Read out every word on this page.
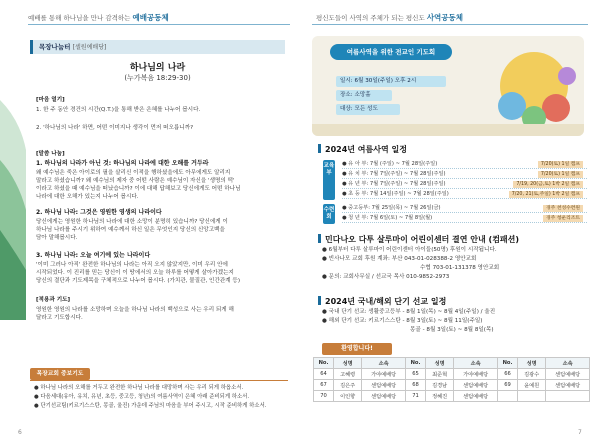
예배를 통해 하나님을 만나 감격하는 예배공동체
목장나눔터 [셀원예배당]
하나님의 나라
(누가복음 18:29-30)
[마음 열기]
1. 한 주 동안 경건의 시간(Q.T.)을 통해 받은 은혜를 나누어 봅시다.
2. '하나님의 나라' 하면, 어떤 이미지나 생각이 먼저 떠오릅니까?
[말씀 나눔]
1. 하나님의 나라가 아닌 것: 하나님의 나라에 대한 오해를 거두라
왜 예수님은 죽은 아이로의 필을 살리신 이적을 행하셨을에도 아무에게도 알리지
말라고 하셨습니까? 왜 예수님의 제자 중 어떤 사람은 예수님이 자신을 '생명의 떡'
이라고 하셨을 때 예수님을 떠났습니까? 이에 대해 답해보고 당신에게도 어떤 하나님
나라에 대한 오해가 있는지 나누어 봅시다.
2. 하나님 나라: 그것은 영원한 영생의 나라이다
당신에게는 영원한 하나님의 나라에 대한 소망이 분명히 있습니까? 당신에게 이
하나님 나라를 주시기 위하여 예수께서 하신 일은 무엇인지 당신의 신앙고백을
담아 말해봅시다.
3. 하나님 나라: 오늘 여기에 있는 나라이다
'이미 그러나 아직' 완전한 하나님의 나라는 아직 오지 않았지만, 이미 우리 안에
시작되었다. 이 진리를 믿는 당신이 이 땅에서의 오늘 하루를 어떻게 살아가겠는지
당신의 결단과 기도제목을 구체적으로 나누어 봅시다. (가치관, 물질관, 인간관계 등)
[적용과 기도]
영원한 영원의 나라를 소망하며 오늘을 하나님 나라의 백성으로 사는 우리 되게 해
달라고 기도합시다.
목장교회 중보기도
● 하나님 나라의 오해를 거두고 완전한 하나님 나라를 대망하며 사는 우리 되게 하옵소서.
● 다음세대(유아, 유치, 유년, 초등, 중고등, 청년)의 여름사역이 은혜 아래 준비되게 하소서.
● 단기선교팀(키르기스스탄, 몽골, 울진) 가운데 주님의 마음을 부어 주시고, 시작 준비하게 하소서.
6
평신도들이 사역의 주체가 되는 평신도 사역공동체
여름사역을 위한 전교인 기도회
일시: 6월 30일(주일) 오후 2시
장소: 소망홀
대상: 모든 성도
2024년 여름사역 일정
교육부
● 유 아 부: 7월 (주일) ~ 7월 28일(주일)	7/20(토) 1일 캠프
● 유 치 부: 7월 7일(주일) ~ 7월 28일(주일)	7/20(토) 1일 캠프
● 유 년 부: 7월 7일(주일) ~ 7월 28일(주일)	7/19, 20(금,토) 1박 2일 캠프
● 초 등 부: 7월 14일(주일) ~ 7월 28일(주일)	7/20, 21(토,주일) 1박 2일 캠프
수련회
● 중고등부: 7월 25일(목) ~ 7월 26일(금)	경주 천성수련원
● 청 년 부: 7월 6일(토) ~ 7월 8일(월)	경주 청운리조트
민다나오 다투 살루마이 어린이센터 결연 안내 (컴패션)
● 6월부터 다투 살루마이 어린이센터 아이들(50명) 후원이 시작됩니다.
● 빈사나모 교회 후원 계좌: 부산 043-01-028388-2 영안교회
수협 703-01-131378 영안교회
● 문의: 교회사무실 / 선교국 목사 010-9852-2973
2024년 국내/해외 단기 선교 일정
● 국내 단기 선교: 생활중고등부 - 8월 1일(목) ~ 8월 4일(주일) / 울진
● 해외 단기 선교: 키르기스스탄 - 8월 3일(토) ~ 8월 11일(주일)
몽골 - 8월 3일(토) ~ 8월 8일(목)
환영합니다!
No.	성명	소속	No.	성명	소속	No.	성명	소속
64	고혜령	가야예배당	65	최준혁	가야예배당	66	김광수	센텀예배당
67	김은주	센텀예배당	68	김경남	센텀예배당	69	윤예원	센텀예배당
70	이인향	센텀예배당	71	정혜진	센텀예배당			
7
